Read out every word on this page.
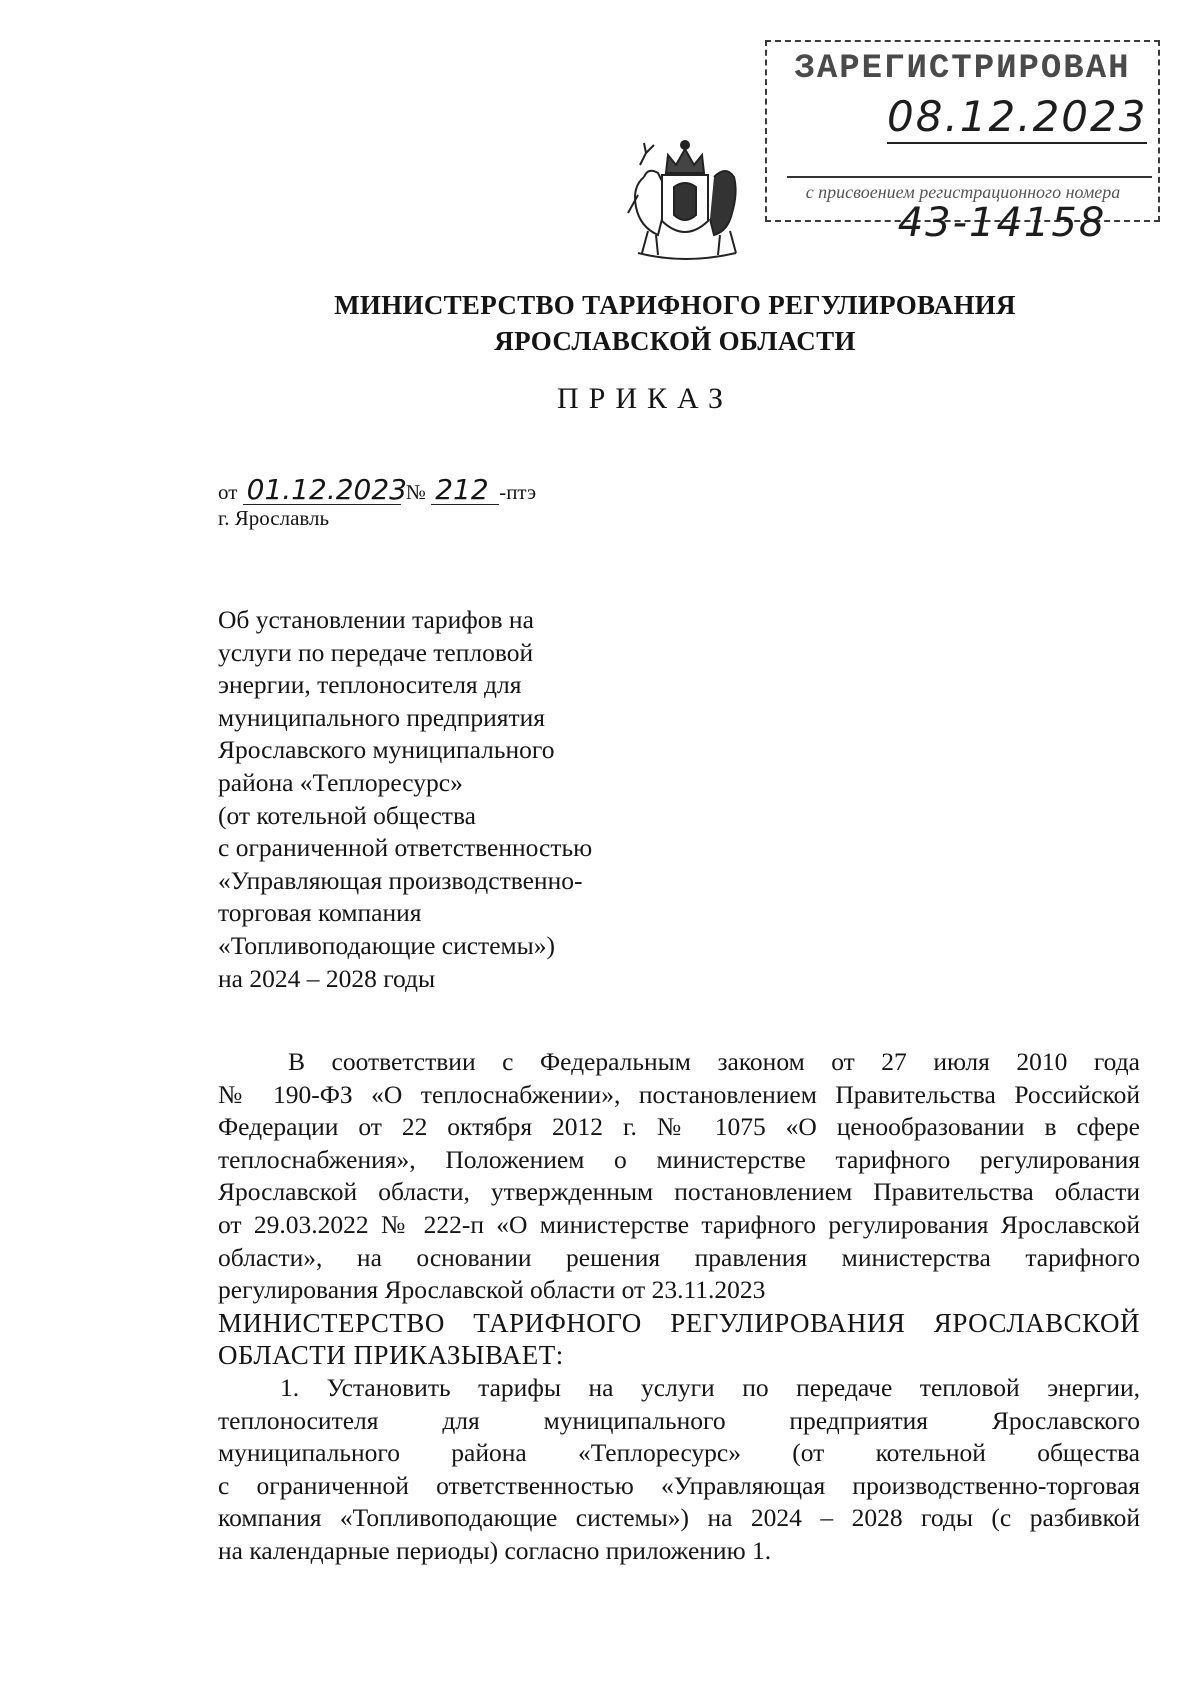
ЗАРЕГИСТРИРОВАН
08.12.2023
с присвоением регистрационного номера
43-14158
МИНИСТЕРСТВО ТАРИФНОГО РЕГУЛИРОВАНИЯ
ЯРОСЛАВСКОЙ ОБЛАСТИ
ПРИКАЗ
от 01.12.2023 № 212 -птэ
г. Ярославль
Об установлении тарифов на
услуги по передаче тепловой
энергии, теплоносителя для
муниципального предприятия
Ярославского муниципального
района «Теплоресурс»
(от котельной общества
с ограниченной ответственностью
«Управляющая производственно-
торговая компания
«Топливоподающие системы»)
на 2024 – 2028 годы
В соответствии с Федеральным законом от 27 июля 2010 года
№ 190-ФЗ «О теплоснабжении», постановлением Правительства Российской
Федерации от 22 октября 2012 г. № 1075 «О ценообразовании в сфере
теплоснабжения», Положением о министерстве тарифного регулирования
Ярославской области, утвержденным постановлением Правительства области
от 29.03.2022 № 222-п «О министерстве тарифного регулирования Ярославской
области», на основании решения правления министерства тарифного
регулирования Ярославской области от 23.11.2023
МИНИСТЕРСТВО ТАРИФНОГО РЕГУЛИРОВАНИЯ ЯРОСЛАВСКОЙ
ОБЛАСТИ ПРИКАЗЫВАЕТ:
1. Установить тарифы на услуги по передаче тепловой энергии,
теплоносителя для муниципального предприятия Ярославского
муниципального района «Теплоресурс» (от котельной общества
с ограниченной ответственностью «Управляющая производственно-торговая
компания «Топливоподающие системы») на 2024 – 2028 годы (с разбивкой
на календарные периоды) согласно приложению 1.
